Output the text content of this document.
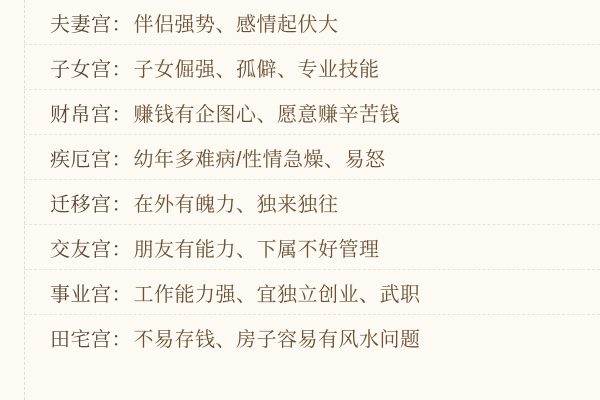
夫妻宫 ： 伴侣强势、感情起伏大
子女宫 ： 子女倔强、孤僻、专业技能
财帛宫 ： 赚钱有企图心、愿意赚辛苦钱
疾厄宫 ： 幼年多难病/性情急燥、易怒
迁移宫 ： 在外有魄力、独来独往
交友宫 ： 朋友有能力、下属不好管理
事业宫 ： 工作能力强、宜独立创业、武职
田宅宫 ： 不易存钱、房子容易有风水问题
